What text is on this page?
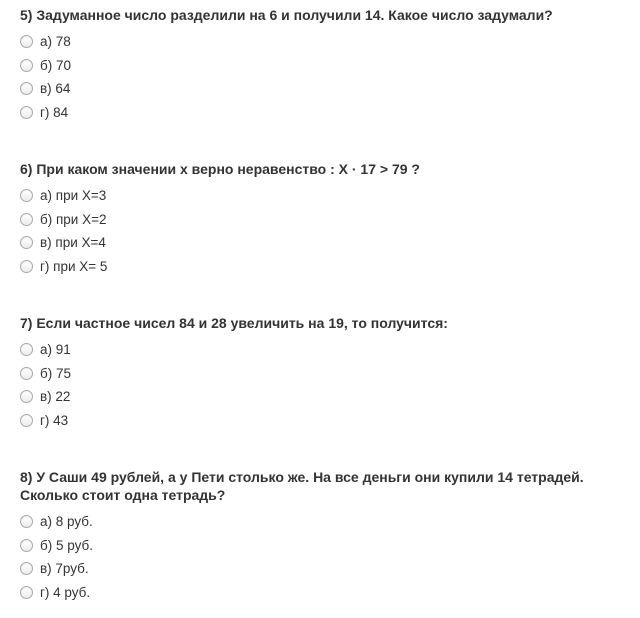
5) Задуманное число разделили на 6 и получили 14. Какое число задумали?
а) 78
б) 70
в) 64
г) 84
6) При каком значении х верно неравенство : X · 17 > 79 ?
а) при X=3
б) при X=2
в) при X=4
г) при X= 5
7) Если частное чисел 84 и 28 увеличить на 19, то получится:
а) 91
б) 75
в) 22
г) 43
8) У Саши 49 рублей, а у Пети столько же. На все деньги они купили 14 тетрадей. Сколько стоит одна тетрадь?
а) 8 руб.
б) 5 руб.
в) 7руб.
г) 4 руб.
